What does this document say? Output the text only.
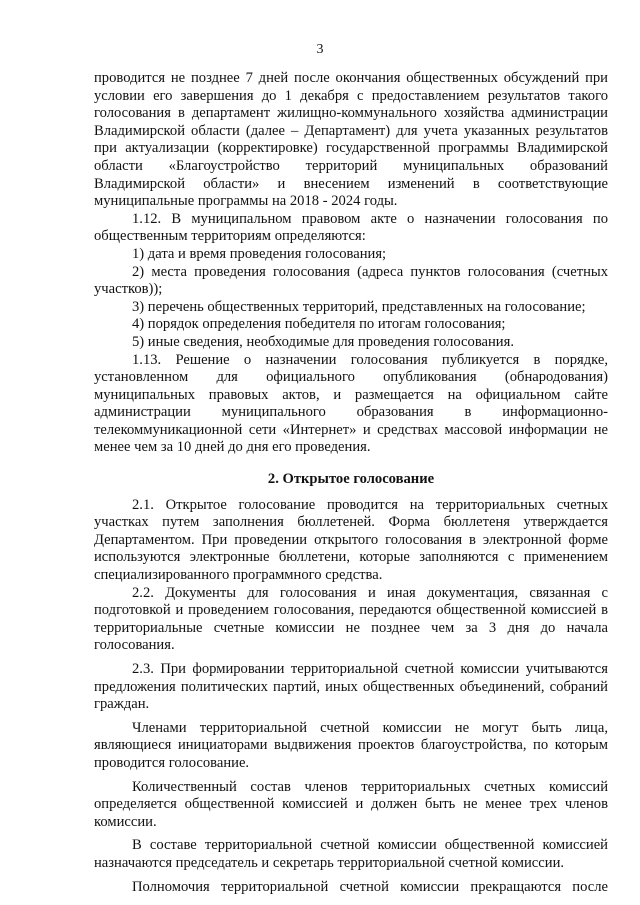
3

проводится не позднее 7 дней после окончания общественных обсуждений при условии его завершения до 1 декабря с предоставлением результатов такого голосования в департамент жилищно-коммунального хозяйства администрации Владимирской области (далее – Департамент) для учета указанных результатов при актуализации (корректировке) государственной программы Владимирской области «Благоустройство территорий муниципальных образований Владимирской области» и внесением изменений в соответствующие муниципальные программы на 2018 - 2024 годы.

1.12. В муниципальном правовом акте о назначении голосования по общественным территориям определяются:

1) дата и время проведения голосования;

2) места проведения голосования (адреса пунктов голосования (счетных участков));

3) перечень общественных территорий, представленных на голосование;

4) порядок определения победителя по итогам голосования;

5) иные сведения, необходимые для проведения голосования.

1.13. Решение о назначении голосования публикуется в порядке, установленном для официального опубликования (обнародования) муниципальных правовых актов, и размещается на официальном сайте администрации муниципального образования в информационно-телекоммуникационной сети «Интернет» и средствах массовой информации не менее чем за 10 дней до дня его проведения.

2. Открытое голосование

2.1. Открытое голосование проводится на территориальных счетных участках путем заполнения бюллетеней. Форма бюллетеня утверждается Департаментом. При проведении открытого голосования в электронной форме используются электронные бюллетени, которые заполняются с применением специализированного программного средства.

2.2. Документы для голосования и иная документация, связанная с подготовкой и проведением голосования, передаются общественной комиссией в территориальные счетные комиссии не позднее чем за 3 дня до начала голосования.

2.3. При формировании территориальной счетной комиссии учитываются предложения политических партий, иных общественных объединений, собраний граждан.

Членами территориальной счетной комиссии не могут быть лица, являющиеся инициаторами выдвижения проектов благоустройства, по которым проводится голосование.

Количественный состав членов территориальных счетных комиссий определяется общественной комиссией и должен быть не менее трех членов комиссии.

В составе территориальной счетной комиссии общественной комиссией назначаются председатель и секретарь территориальной счетной комиссии.

Полномочия территориальной счетной комиссии прекращаются после
